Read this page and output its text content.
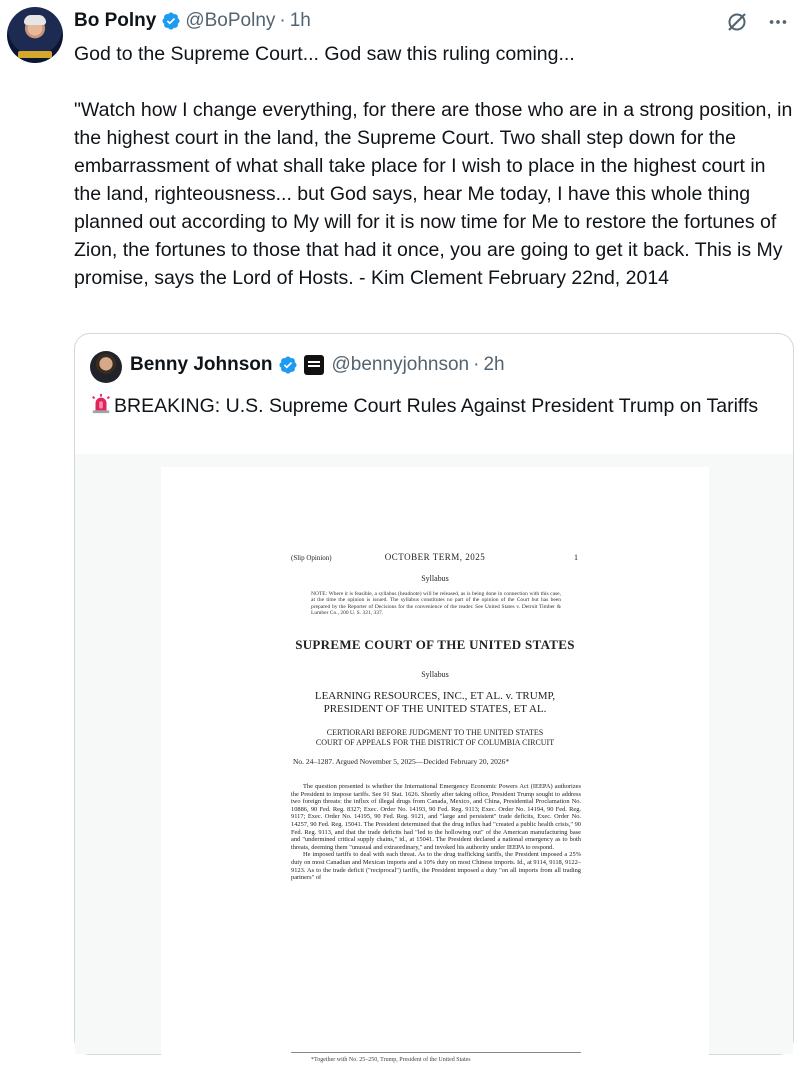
Bo Polny @BoPolny · 1h

God to the Supreme Court... God saw this ruling coming...

"Watch how I change everything, for there are those who are in a strong position, in the highest court in the land, the Supreme Court. Two shall step down for the embarrassment of what shall take place for I wish to place in the highest court in the land, righteousness... but God says, hear Me today, I have this whole thing planned out according to My will for it is now time for Me to restore the fortunes of Zion, the fortunes to those that had it once, you are going to get it back. This is My promise, says the Lord of Hosts. - Kim Clement February 22nd, 2014

Benny Johnson	@bennyjohnson · 2h
BREAKING: U.S. Supreme Court Rules Against President Trump on Tariffs
(Slip Opinion)	OCTOBER TERM, 2025	1
Syllabus
NOTE: Where it is feasible, a syllabus (headnote) will be released, as is being done in connection with this case, at the time the opinion is issued. The syllabus constitutes no part of the opinion of the Court but has been prepared by the Reporter of Decisions for the convenience of the reader. See United States v. Detroit Timber & Lumber Co., 200 U. S. 321, 337.
SUPREME COURT OF THE UNITED STATES
Syllabus
LEARNING RESOURCES, INC., ET AL. v. TRUMP,
PRESIDENT OF THE UNITED STATES, ET AL.
CERTIORARI BEFORE JUDGMENT TO THE UNITED STATES
COURT OF APPEALS FOR THE DISTRICT OF COLUMBIA CIRCUIT
No. 24–1287. Argued November 5, 2025—Decided February 20, 2026*

The question presented is whether the International Emergency Economic Powers Act (IEEPA) authorizes the President to impose tariffs. See 91 Stat. 1626. Shortly after taking office, President Trump sought to address two foreign threats: the influx of illegal drugs from Canada, Mexico, and China, Presidential Proclamation No. 10886, 90 Fed. Reg. 8327; Exec. Order No. 14193, 90 Fed. Reg. 9113; Exec. Order No. 14194, 90 Fed. Reg. 9117; Exec. Order No. 14195, 90 Fed. Reg. 9121, and "large and persistent" trade deficits, Exec. Order No. 14257, 90 Fed. Reg. 15041. The President determined that the drug influx had "created a public health crisis," 90 Fed. Reg. 9113, and that the trade deficits had "led to the hollowing out" of the American manufacturing base and "undermined critical supply chains," id., at 15041. The President declared a national emergency as to both threats, deeming them "unusual and extraordinary," and invoked his authority under IEEPA to respond.

He imposed tariffs to deal with each threat. As to the drug trafficking tariffs, the President imposed a 25% duty on most Canadian and Mexican imports and a 10% duty on most Chinese imports. Id., at 9114, 9118, 9122–9123. As to the trade deficit ("reciprocal") tariffs, the President imposed a duty "on all imports from all trading partners" of

*Together with No. 25–250, Trump, President of the United States
